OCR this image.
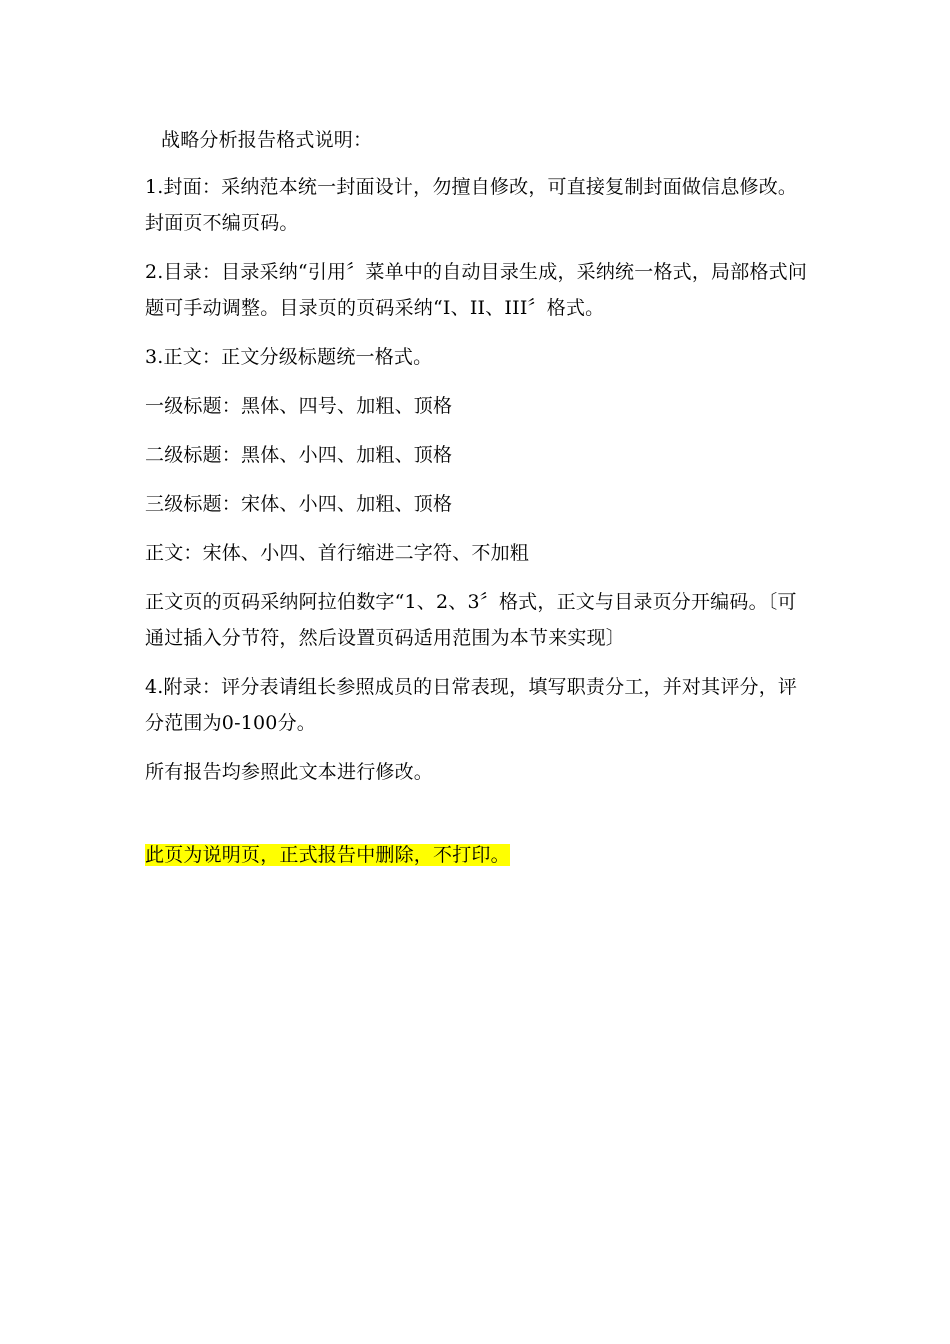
战略分析报告格式说明：

1.封面：采纳范本统一封面设计，勿擅自修改，可直接复制封面做信息修改。封面页不编页码。

2.目录：目录采纳“引用〞菜单中的自动目录生成，采纳统一格式，局部格式问题可手动调整。目录页的页码采纳“I、II、III〞格式。

3.正文：正文分级标题统一格式。

一级标题：黑体、四号、加粗、顶格

二级标题：黑体、小四、加粗、顶格

三级标题：宋体、小四、加粗、顶格

正文：宋体、小四、首行缩进二字符、不加粗

正文页的页码采纳阿拉伯数字“1、2、3〞格式，正文与目录页分开编码。〔可通过插入分节符，然后设置页码适用范围为本节来实现〕

4.附录：评分表请组长参照成员的日常表现，填写职责分工，并对其评分，评分范围为0-100分。

所有报告均参照此文本进行修改。

此页为说明页，正式报告中删除，不打印。
